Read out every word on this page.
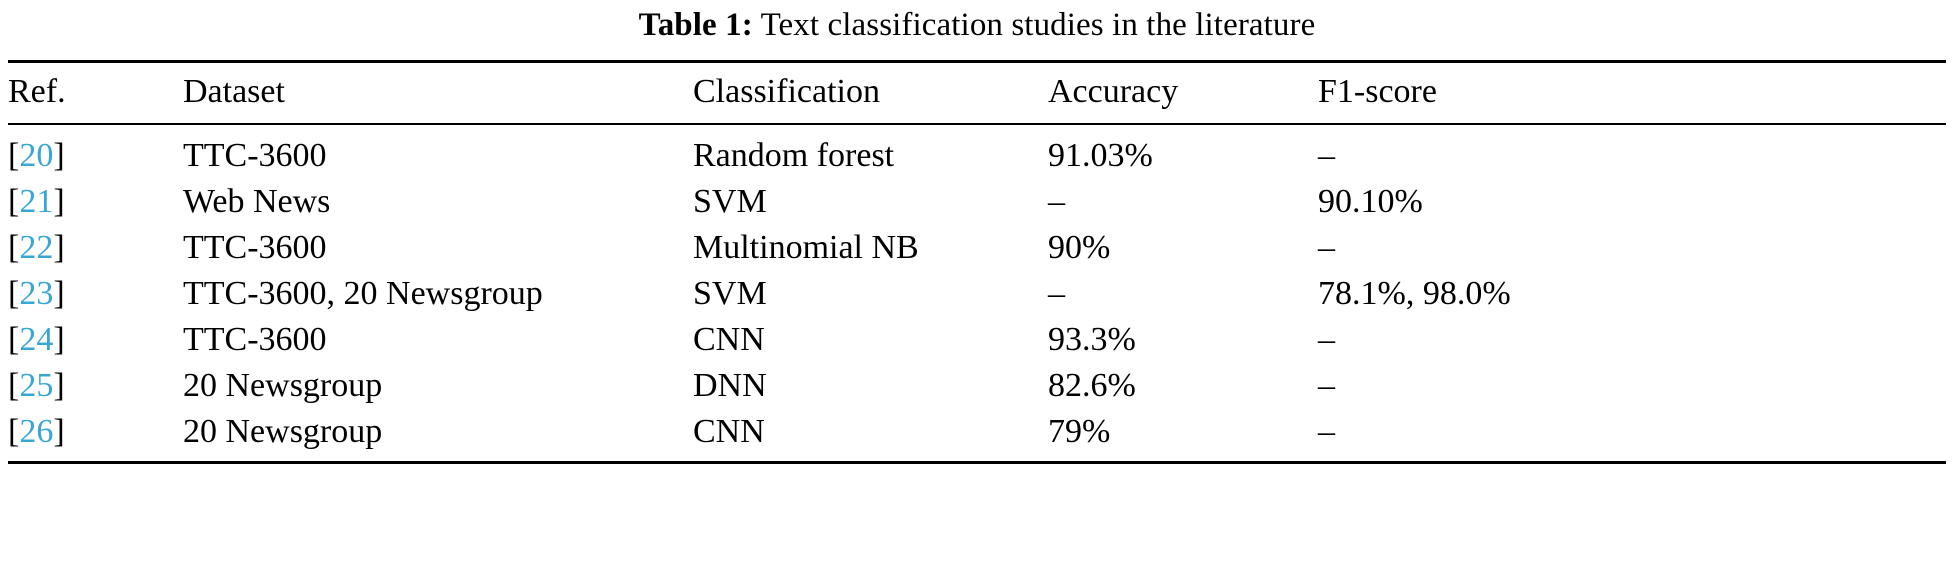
Table 1: Text classification studies in the literature
Ref.	Dataset	Classification	Accuracy	F1-score
[20]	TTC-3600	Random forest	91.03%	–
[21]	Web News	SVM	–	90.10%
[22]	TTC-3600	Multinomial NB	90%	–
[23]	TTC-3600, 20 Newsgroup	SVM	–	78.1%, 98.0%
[24]	TTC-3600	CNN	93.3%	–
[25]	20 Newsgroup	DNN	82.6%	–
[26]	20 Newsgroup	CNN	79%	–
